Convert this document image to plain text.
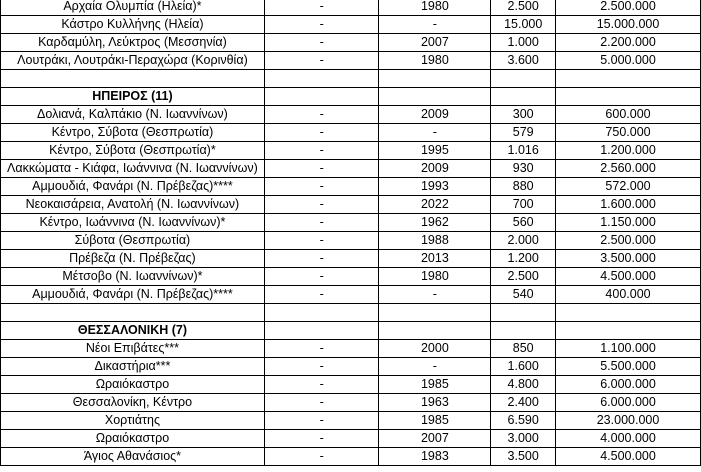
Αρχαία Ολυμπία (Ηλεία)*	-	1980	2.500	2.500.000
Κάστρο Κυλλήνης (Ηλεία)	-	-	15.000	15.000.000
Καρδαμύλη, Λεύκτρος (Μεσσηνία)	-	2007	1.000	2.200.000
Λουτράκι, Λουτράκι-Περαχώρα (Κορινθία)	-	1980	3.600	5.000.000

ΗΠΕΙΡΟΣ (11)				
Δολιανά, Καλπάκιο (Ν. Ιωαννίνων)	-	2009	300	600.000
Κέντρο, Σύβοτα (Θεσπρωτία)	-	-	579	750.000
Κέντρο, Σύβοτα (Θεσπρωτία)*	-	1995	1.016	1.200.000
Λακκώματα - Κιάφα, Ιωάννινα (Ν. Ιωαννίνων)	-	2009	930	2.560.000
Αμμουδιά, Φανάρι (Ν. Πρέβεζας)****	-	1993	880	572.000
Νεοκαισάρεια, Ανατολή (Ν. Ιωαννίνων)	-	2022	700	1.600.000
Κέντρο, Ιωάννινα (Ν. Ιωαννίνων)*	-	1962	560	1.150.000
Σύβοτα (Θεσπρωτία)	-	1988	2.000	2.500.000
Πρέβεζα (Ν. Πρέβεζας)	-	2013	1.200	3.500.000
Μέτσοβο (Ν. Ιωαννίνων)*	-	1980	2.500	4.500.000
Αμμουδιά, Φανάρι (Ν. Πρέβεζας)****	-	-	540	400.000

ΘΕΣΣΑΛΟΝΙΚΗ (7)				
Νέοι Επιβάτες***	-	2000	850	1.100.000
Δικαστήρια***	-	-	1.600	5.500.000
Ωραιόκαστρο	-	1985	4.800	6.000.000
Θεσσαλονίκη, Κέντρο	-	1963	2.400	6.000.000
Χορτιάτης	-	1985	6.590	23.000.000
Ωραιόκαστρο	-	2007	3.000	4.000.000
Άγιος Αθανάσιος*	-	1983	3.500	4.500.000
